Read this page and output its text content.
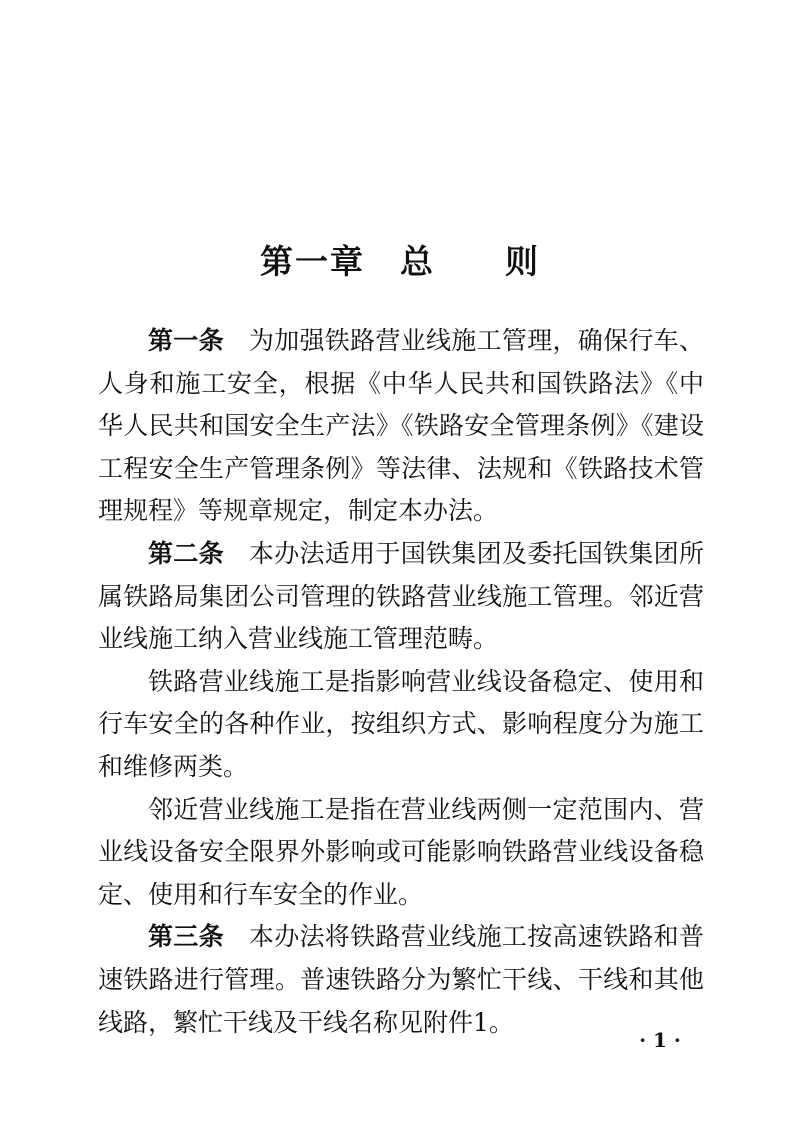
第一章　总　　则

第一条 为加强铁路营业线施工管理，确保行车、人身和施工安全，根据《中华人民共和国铁路法》《中华人民共和国安全生产法》《铁路安全管理条例》《建设工程安全生产管理条例》等法律、法规和《铁路技术管理规程》等规章规定，制定本办法。

第二条 本办法适用于国铁集团及委托国铁集团所属铁路局集团公司管理的铁路营业线施工管理。邻近营业线施工纳入营业线施工管理范畴。

铁路营业线施工是指影响营业线设备稳定、使用和行车安全的各种作业，按组织方式、影响程度分为施工和维修两类。

邻近营业线施工是指在营业线两侧一定范围内、营业线设备安全限界外影响或可能影响铁路营业线设备稳定、使用和行车安全的作业。

第三条 本办法将铁路营业线施工按高速铁路和普速铁路进行管理。普速铁路分为繁忙干线、干线和其他线路，繁忙干线及干线名称见附件1。

· 1 ·
